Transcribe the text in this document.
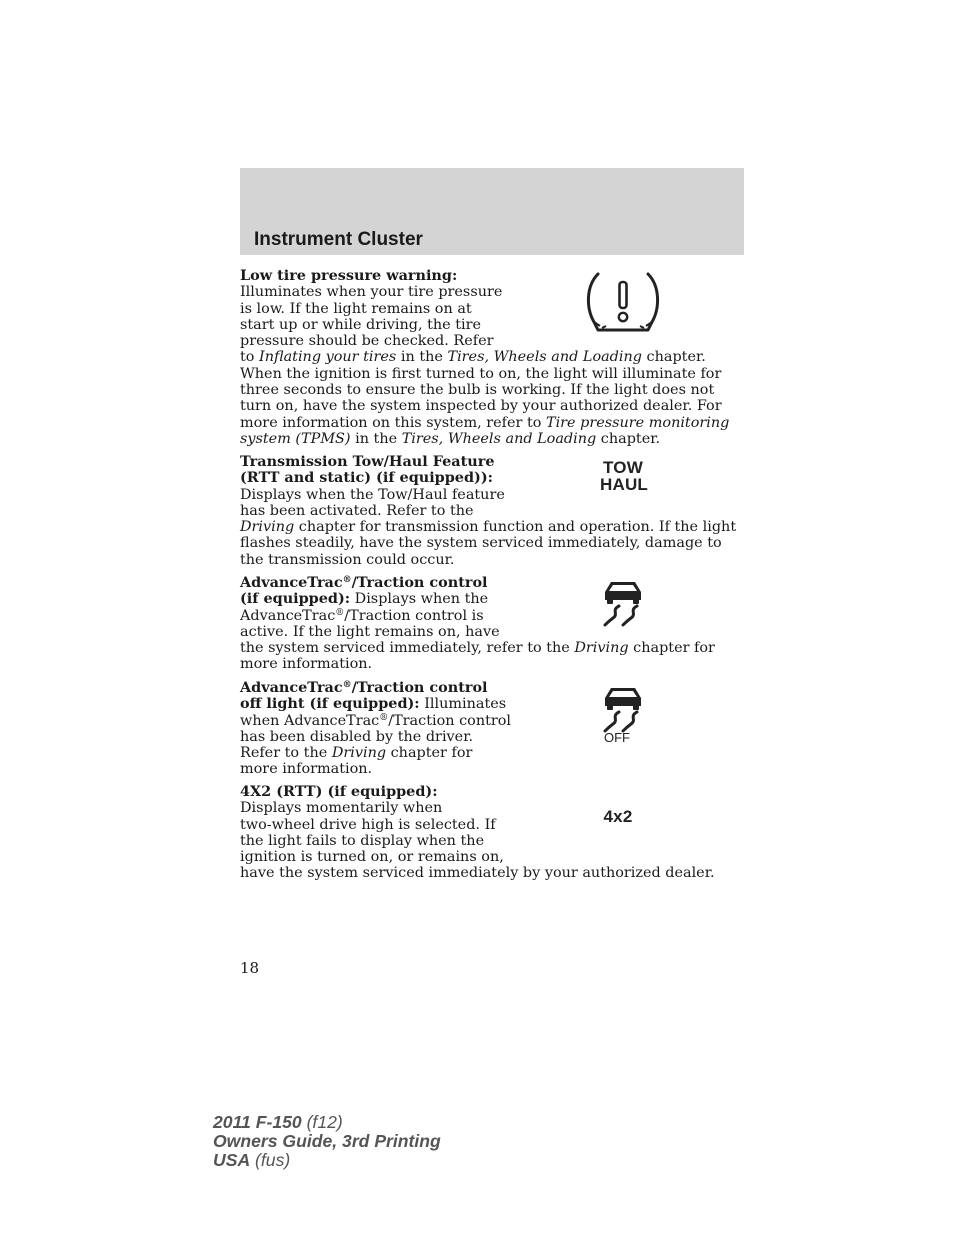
Instrument Cluster

Low tire pressure warning:
Illuminates when your tire pressure
is low. If the light remains on at
start up or while driving, the tire
pressure should be checked. Refer
to Inflating your tires in the Tires, Wheels and Loading chapter. When the ignition is first turned to on, the light will illuminate for three seconds to ensure the bulb is working. If the light does not turn on, have the system inspected by your authorized dealer. For more information on this system, refer to Tire pressure monitoring system (TPMS) in the Tires, Wheels and Loading chapter.

Transmission Tow/Haul Feature
(RTT and static) (if equipped)):
Displays when the Tow/Haul feature
has been activated. Refer to the
Driving chapter for transmission function and operation. If the light flashes steadily, have the system serviced immediately, damage to the transmission could occur.

TOW
HAUL

AdvanceTrac®/Traction control
(if equipped): Displays when the
AdvanceTrac®/Traction control is
active. If the light remains on, have
the system serviced immediately, refer to the Driving chapter for more information.

AdvanceTrac®/Traction control
off light (if equipped): Illuminates
when AdvanceTrac®/Traction control
has been disabled by the driver.
Refer to the Driving chapter for
more information.

OFF

4X2 (RTT) (if equipped):
Displays momentarily when
two-wheel drive high is selected. If
the light fails to display when the
ignition is turned on, or remains on,
have the system serviced immediately by your authorized dealer.

4x2
18
2011 F-150 (f12)
Owners Guide, 3rd Printing
USA (fus)
